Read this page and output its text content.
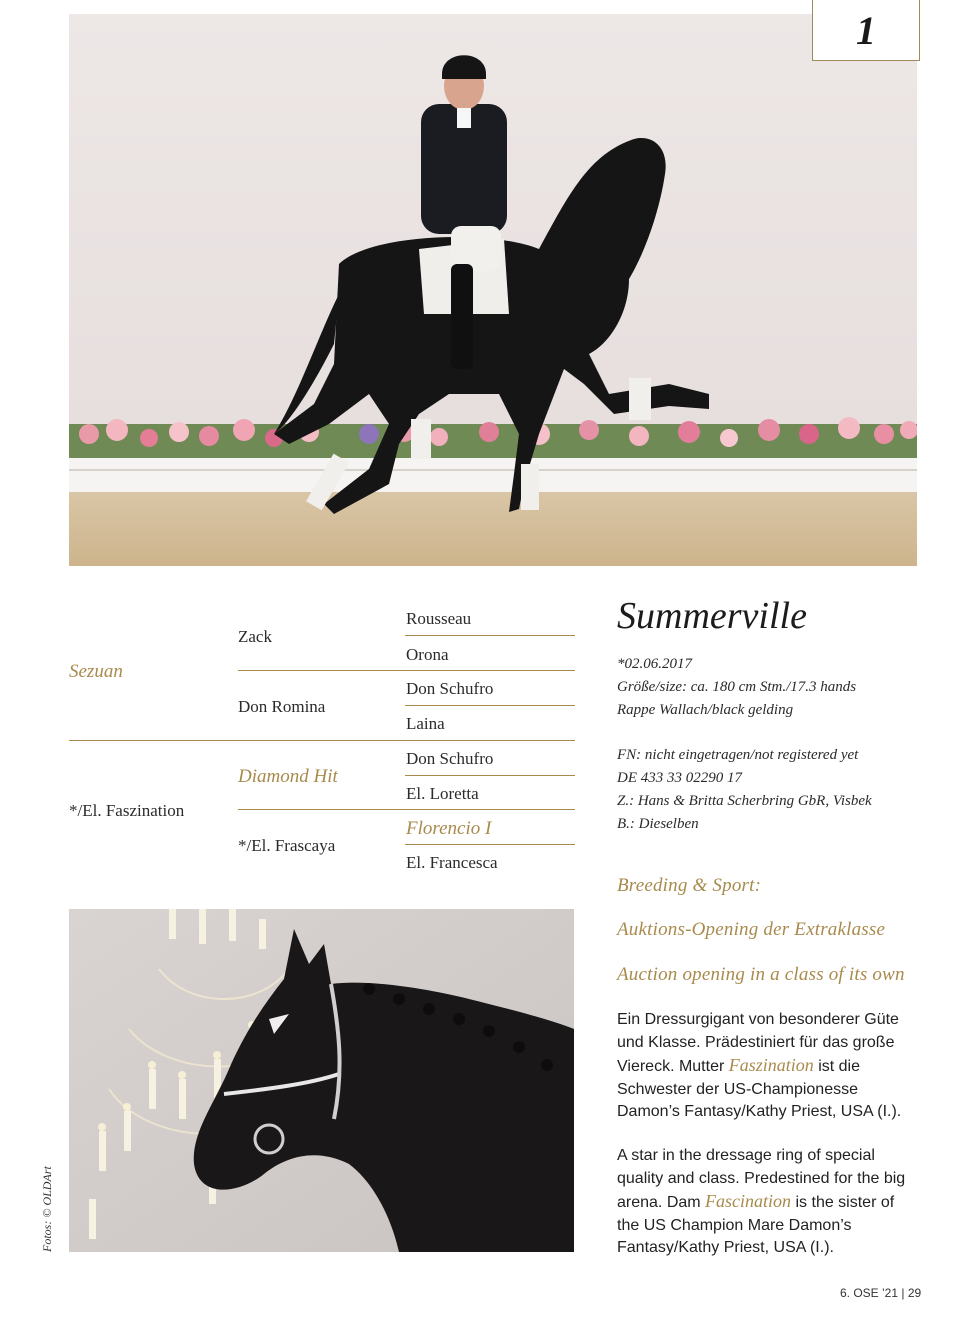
1
Rousseau
Zack
Orona
Sezuan
Don Schufro
Don Romina
Laina
Don Schufro
Diamond Hit
El. Loretta
*/El. Faszination
Florencio I
*/El. Frascaya
El. Francesca
Summerville
*02.06.2017
Größe/size: ca. 180 cm Stm./17.3 hands
Rappe Wallach/black gelding
FN: nicht eingetragen/not registered yet
DE 433 33 02290 17
Z.: Hans & Britta Scherbring GbR, Visbek
B.: Dieselben
Breeding & Sport:
Auktions-Opening der Extraklasse
Auction opening in a class of its own
Ein Dressurgigant von besonderer Güte und Klasse. Prädestiniert für das große Viereck. Mutter Faszination ist die Schwester der US-Championesse Damon’s Fantasy/Kathy Priest, USA (I.).
A star in the dressage ring of special quality and class. Predestined for the big arena. Dam Fascination is the sister of the US Champion Mare Damon’s Fantasy/Kathy Priest, USA (I.).
Fotos: © OLDArt
6. OSE ’21 | 29
